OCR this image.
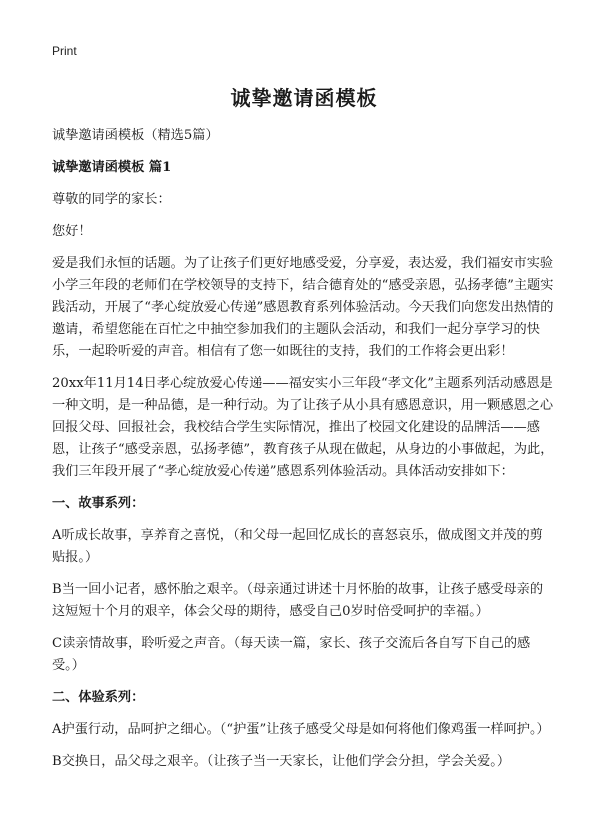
Print
诚挚邀请函模板

诚挚邀请函模板（精选5篇）

诚挚邀请函模板 篇1

尊敬的同学的家长：

您好！

爱是我们永恒的话题。为了让孩子们更好地感受爱，分享爱，表达爱，我们福安市实验小学三年段的老师们在学校领导的支持下，结合德育处的“感受亲恩，弘扬孝德”主题实践活动，开展了“孝心绽放爱心传递”感恩教育系列体验活动。今天我们向您发出热情的邀请，希望您能在百忙之中抽空参加我们的主题队会活动，和我们一起分享学习的快乐，一起聆听爱的声音。相信有了您一如既往的支持，我们的工作将会更出彩！

20xx年11月14日孝心绽放爱心传递——福安实小三年段“孝文化”主题系列活动感恩是一种文明，是一种品德，是一种行动。为了让孩子从小具有感恩意识，用一颗感恩之心回报父母、回报社会，我校结合学生实际情况，推出了校园文化建设的品牌活——感恩，让孩子“感受亲恩，弘扬孝德”，教育孩子从现在做起，从身边的小事做起，为此，我们三年段开展了“孝心绽放爱心传递”感恩系列体验活动。具体活动安排如下：

一、故事系列：

A听成长故事，享养育之喜悦，（和父母一起回忆成长的喜怒哀乐，做成图文并茂的剪贴报。）

B当一回小记者，感怀胎之艰辛。（母亲通过讲述十月怀胎的故事，让孩子感受母亲的这短短十个月的艰辛，体会父母的期待，感受自己0岁时倍受呵护的幸福。）

C读亲情故事，聆听爱之声音。（每天读一篇，家长、孩子交流后各自写下自己的感受。）

二、体验系列：

A护蛋行动，品呵护之细心。（“护蛋”让孩子感受父母是如何将他们像鸡蛋一样呵护。）

B交换日，品父母之艰辛。（让孩子当一天家长，让他们学会分担，学会关爱。）
